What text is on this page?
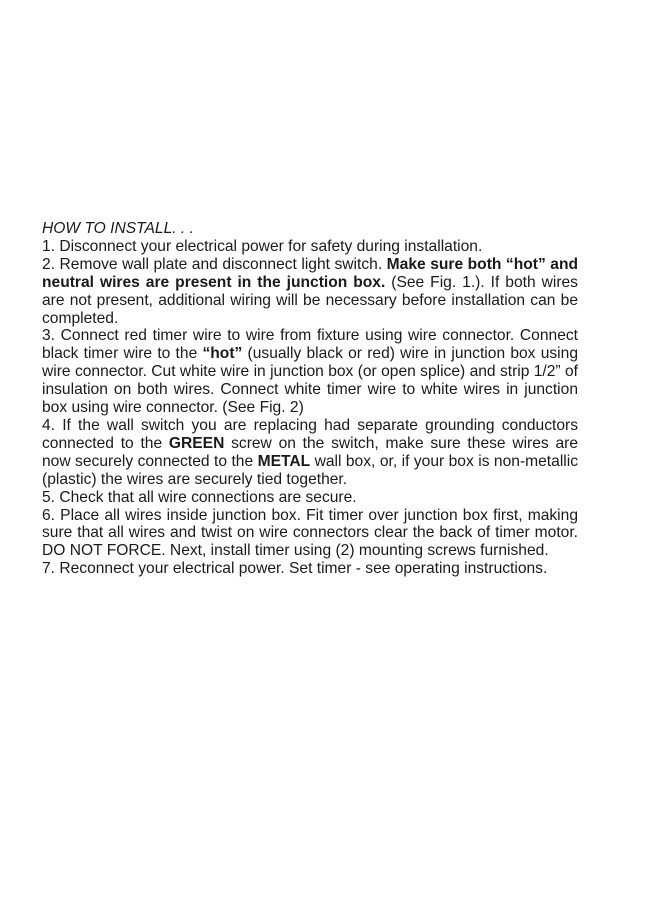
HOW TO INSTALL. . .

1. Disconnect your electrical power for safety during installation.

2. Remove wall plate and disconnect light switch. Make sure both “hot” and neutral wires are present in the junction box. (See Fig. 1.). If both wires are not present, additional wiring will be necessary before installation can be completed.

3. Connect red timer wire to wire from fixture using wire connector. Connect black timer wire to the “hot” (usually black or red) wire in junction box using wire connector. Cut white wire in junction box (or open splice) and strip 1/2” of insulation on both wires. Connect white timer wire to white wires in junction box using wire connector. (See Fig. 2)

4. If the wall switch you are replacing had separate grounding conductors connected to the GREEN screw on the switch, make sure these wires are now securely connected to the METAL wall box, or, if your box is non-metallic (plastic) the wires are securely tied together.

5. Check that all wire connections are secure.

6. Place all wires inside junction box. Fit timer over junction box first, making sure that all wires and twist on wire connectors clear the back of timer motor. DO NOT FORCE. Next, install timer using (2) mounting screws furnished.

7. Reconnect your electrical power. Set timer - see operating instructions.
